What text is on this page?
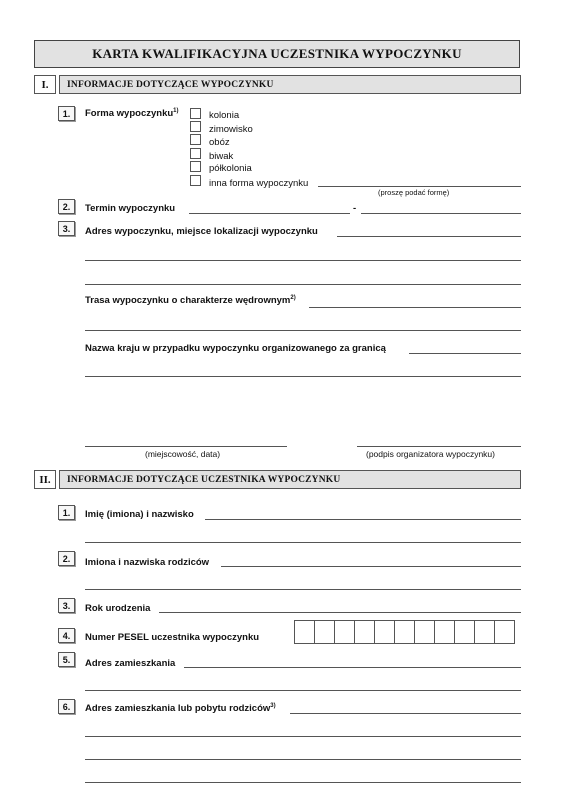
KARTA KWALIFIKACYJNA UCZESTNIKA WYPOCZYNKU
I.	INFORMACJE DOTYCZĄCE WYPOCZYNKU
1.	Forma wypoczynku$^{1)}$	kolonia
zimowisko
obóz
biwak
półkolonia
inna forma wypoczynku
(proszę podać formę)
2.	Termin wypoczynku	-
3.	Adres wypoczynku, miejsce lokalizacji wypoczynku
Trasa wypoczynku o charakterze wędrownym$^{2)}$
Nazwa kraju w przypadku wypoczynku organizowanego za granicą
(miejscowość, data)	(podpis organizatora wypoczynku)
II.	INFORMACJE DOTYCZĄCE UCZESTNIKA WYPOCZYNKU
1.	Imię (imiona) i nazwisko
2.	Imiona i nazwiska rodziców
3.	Rok urodzenia
4.	Numer PESEL uczestnika wypoczynku
5.	Adres zamieszkania
6.	Adres zamieszkania lub pobytu rodziców$^{3)}$
